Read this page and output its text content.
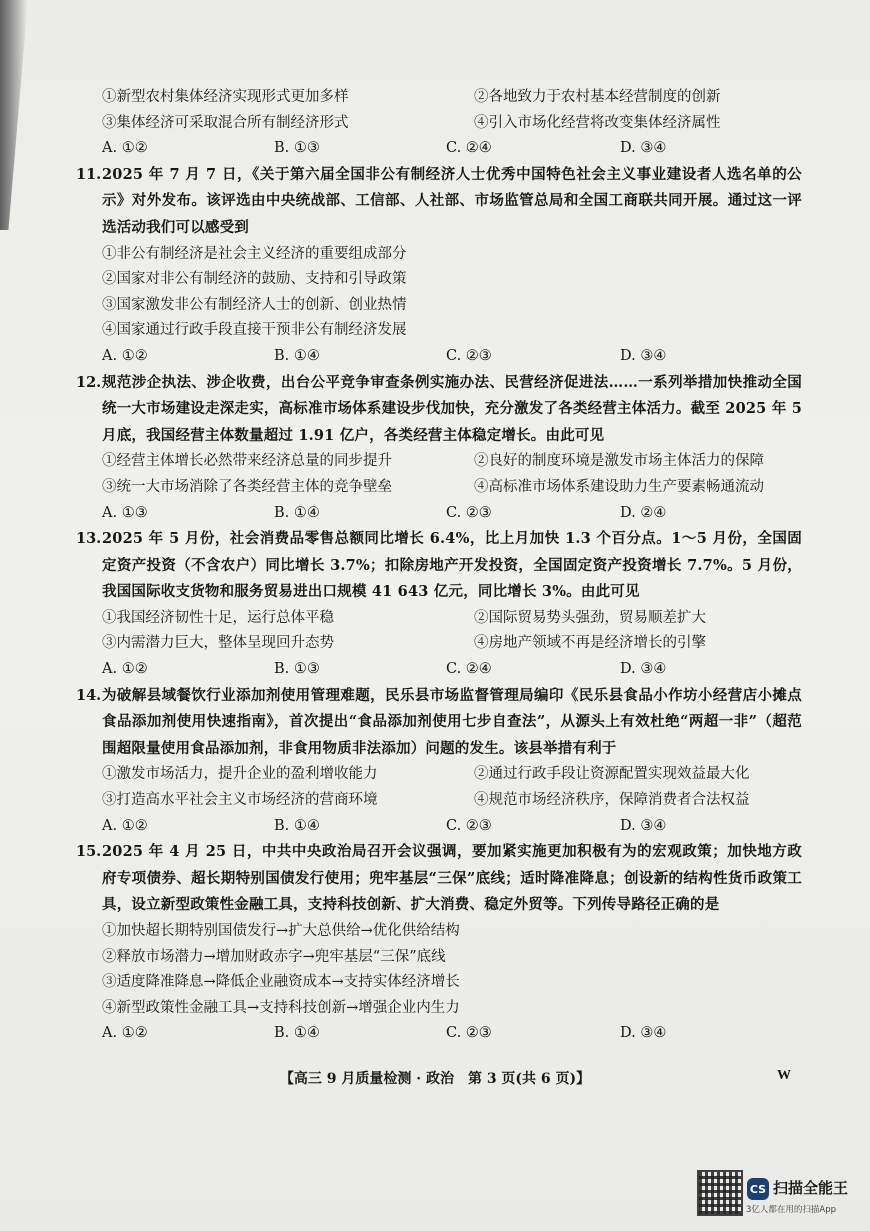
①新型农村集体经济实现形式更加多样	②各地致力于农村基本经营制度的创新
③集体经济可采取混合所有制经济形式	④引入市场化经营将改变集体经济属性
A. ①②	B. ①③	C. ②④	D. ③④
11. 2025 年 7 月 7 日，《关于第六届全国非公有制经济人士优秀中国特色社会主义事业建设者人选名单的公示》对外发布。该评选由中央统战部、工信部、人社部、市场监管总局和全国工商联共同开展。通过这一评选活动我们可以感受到
①非公有制经济是社会主义经济的重要组成部分
②国家对非公有制经济的鼓励、支持和引导政策
③国家激发非公有制经济人士的创新、创业热情
④国家通过行政手段直接干预非公有制经济发展
A. ①②	B. ①④	C. ②③	D. ③④
12. 规范涉企执法、涉企收费，出台公平竞争审查条例实施办法、民营经济促进法……一系列举措加快推动全国统一大市场建设走深走实，高标准市场体系建设步伐加快，充分激发了各类经营主体活力。截至 2025 年 5 月底，我国经营主体数量超过 1.91 亿户，各类经营主体稳定增长。由此可见
①经营主体增长必然带来经济总量的同步提升	②良好的制度环境是激发市场主体活力的保障
③统一大市场消除了各类经营主体的竞争壁垒	④高标准市场体系建设助力生产要素畅通流动
A. ①③	B. ①④	C. ②③	D. ②④
13. 2025 年 5 月份，社会消费品零售总额同比增长 6.4%，比上月加快 1.3 个百分点。1～5 月份，全国固定资产投资（不含农户）同比增长 3.7%；扣除房地产开发投资，全国固定资产投资增长 7.7%。5 月份，我国国际收支货物和服务贸易进出口规模 41 643 亿元，同比增长 3%。由此可见
①我国经济韧性十足，运行总体平稳	②国际贸易势头强劲，贸易顺差扩大
③内需潜力巨大，整体呈现回升态势	④房地产领域不再是经济增长的引擎
A. ①②	B. ①③	C. ②④	D. ③④
14. 为破解县域餐饮行业添加剂使用管理难题，民乐县市场监督管理局编印《民乐县食品小作坊小经营店小摊点食品添加剂使用快速指南》，首次提出“食品添加剂使用七步自查法”，从源头上有效杜绝“两超一非”（超范围超限量使用食品添加剂，非食用物质非法添加）问题的发生。该县举措有利于
①激发市场活力，提升企业的盈利增收能力	②通过行政手段让资源配置实现效益最大化
③打造高水平社会主义市场经济的营商环境	④规范市场经济秩序，保障消费者合法权益
A. ①②	B. ①④	C. ②③	D. ③④
15. 2025 年 4 月 25 日，中共中央政治局召开会议强调，要加紧实施更加积极有为的宏观政策；加快地方政府专项债券、超长期特别国债发行使用；兜牢基层“三保”底线；适时降准降息；创设新的结构性货币政策工具，设立新型政策性金融工具，支持科技创新、扩大消费、稳定外贸等。下列传导路径正确的是
①加快超长期特别国债发行→扩大总供给→优化供给结构
②释放市场潜力→增加财政赤字→兜牢基层“三保”底线
③适度降准降息→降低企业融资成本→支持实体经济增长
④新型政策性金融工具→支持科技创新→增强企业内生力
A. ①②	B. ①④	C. ②③	D. ③④
【高三 9 月质量检测 · 政治　第 3 页(共 6 页)】	W
CS 扫描全能王
3亿人都在用的扫描App
